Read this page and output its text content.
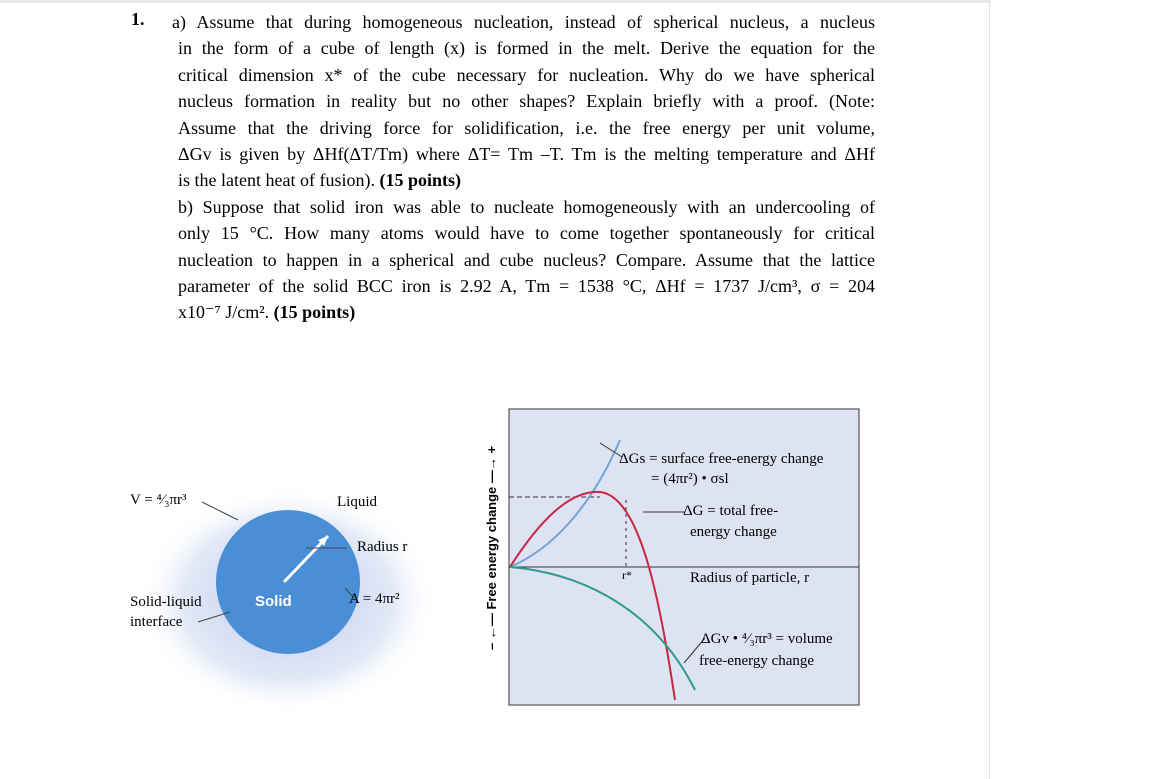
1. a) Assume that during homogeneous nucleation, instead of spherical nucleus, a nucleus
in the form of a cube of length (x) is formed in the melt. Derive the equation for the
critical dimension x* of the cube necessary for nucleation. Why do we have spherical
nucleus formation in reality but no other shapes? Explain briefly with a proof. (Note:
Assume that the driving force for solidification, i.e. the free energy per unit volume,
ΔGv is given by ΔHf(ΔT/Tm) where ΔT= Tm –T. Tm is the melting temperature and ΔHf
is the latent heat of fusion). (15 points)
b) Suppose that solid iron was able to nucleate homogeneously with an undercooling of
only 15 °C. How many atoms would have to come together spontaneously for critical
nucleation to happen in a spherical and cube nucleus? Compare. Assume that the lattice
parameter of the solid BCC iron is 2.92 A, Tm = 1538 °C, ΔHf = 1737 J/cm³, σ = 204
x10⁻⁷ J/cm². (15 points)
V = ⁴⁄₃πr³	Liquid
Radius r
Solid	A = 4πr²
Solid-liquid
interface
ΔGs = surface free-energy change
= (4πr²) • σsl
ΔG = total free-
energy change
r*	Radius of particle, r
ΔGv • ⁴⁄₃πr³ = volume
free-energy change
– ←— Free energy change —→ +
